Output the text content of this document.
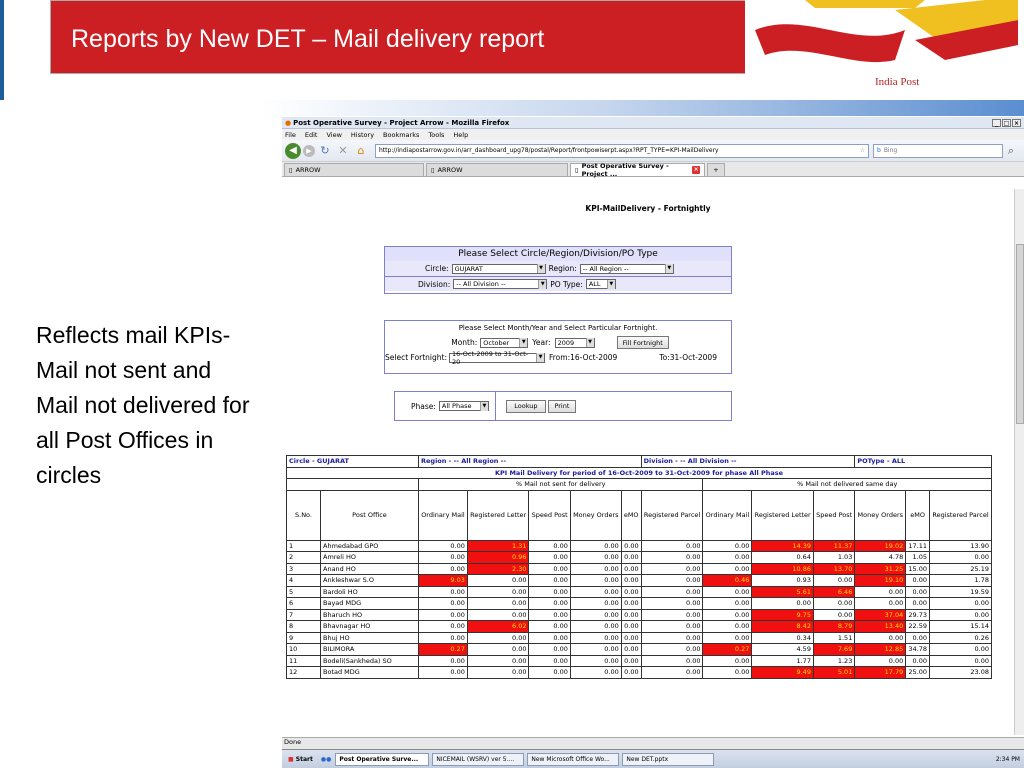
Reports by New DET – Mail delivery report
India Post
Reflects mail KPIs- Mail not sent and Mail not delivered for all Post Offices in circles
● Post Operative Survey - Project Arrow - Mozilla Firefox	_ □ ×
File Edit View History Bookmarks Tools Help
◀	▶ ↻ ✕ ⌂	http://indiapostarrow.gov.in/arr_dashboard_upg78/postal/Report/frontpowiserpt.aspx?RPT_TYPE=KPI-MailDelivery	☆ b Bing	⌕
▯ ARROW	▯ ARROW	▯ Post Operative Survey - Project ...
×	+
KPI-MailDelivery - Fortnightly
Please Select Circle/Region/Division/PO Type
Circle: GUJARAT	▼ Region: -- All Region --	▼
Division: -- All Division --	▼ PO Type: ALL	▼
Please Select Month/Year and Select Particular Fortnight.
Month: October	▼ Year: 2009	▼	Fill Fortnight
Select Fortnight: 16-Oct-2009 to 31-Oct-20
▼ From:16-Oct-2009	To:31-Oct-2009
Phase: All Phase	▼	Lookup	Print
Circle - GUJARAT		Region - -- All Region --					Division - -- All Division --				POType - ALL		
KPI Mail Delivery for period of 16-Oct-2009 to 31-Oct-2009 for phase All Phase													
		% Mail not sent for delivery						% Mail not delivered same day					
S.No.	Post Office	Ordinary Mail	Registered Letter	Speed Post	Money Orders	eMO	Registered Parcel	Ordinary Mail	Registered Letter	Speed Post	Money Orders	eMO	Registered Parcel
1	Ahmedabad GPO	0.00	1.31	0.00	0.00	0.00	0.00	0.00	14.39	11.37	19.02	17.11	13.90
2	Amreli HO	0.00	0.96	0.00	0.00	0.00	0.00	0.00	0.64	1.03	4.78	1.05	0.00
3	Anand HO	0.00	2.30	0.00	0.00	0.00	0.00	0.00	10.86	13.70	31.25	15.00	25.19
4	Ankleshwar S.O	9.03	0.00	0.00	0.00	0.00	0.00	0.46	0.93	0.00	19.10	0.00	1.78
5	Bardoli HO	0.00	0.00	0.00	0.00	0.00	0.00	0.00	5.61	6.46	0.00	0.00	19.59
6	Bayad MDG	0.00	0.00	0.00	0.00	0.00	0.00	0.00	0.00	0.00	0.00	0.00	0.00
7	Bharuch HO	0.00	0.00	0.00	0.00	0.00	0.00	0.00	9.75	0.00	37.04	29.73	0.00
8	Bhavnagar HO	0.00	6.02	0.00	0.00	0.00	0.00	0.00	8.42	8.79	13.40	22.59	15.14
9	Bhuj HO	0.00	0.00	0.00	0.00	0.00	0.00	0.00	0.34	1.51	0.00	0.00	0.26
10	BILIMORA	0.27	0.00	0.00	0.00	0.00	0.00	0.27	4.59	7.69	12.85	34.78	0.00
11	Bodeli(Sankheda) SO	0.00	0.00	0.00	0.00	0.00	0.00	0.00	1.77	1.23	0.00	0.00	0.00
12	Botad MDG	0.00	0.00	0.00	0.00	0.00	0.00	0.00	9.49	5.01	17.79	25.00	23.08
Done
■ Start	●● Post Operative Surve...	NICEMAIL (WSRV) ver 5....	New Microsoft Office Wo...	New DET.pptx	2:34 PM
